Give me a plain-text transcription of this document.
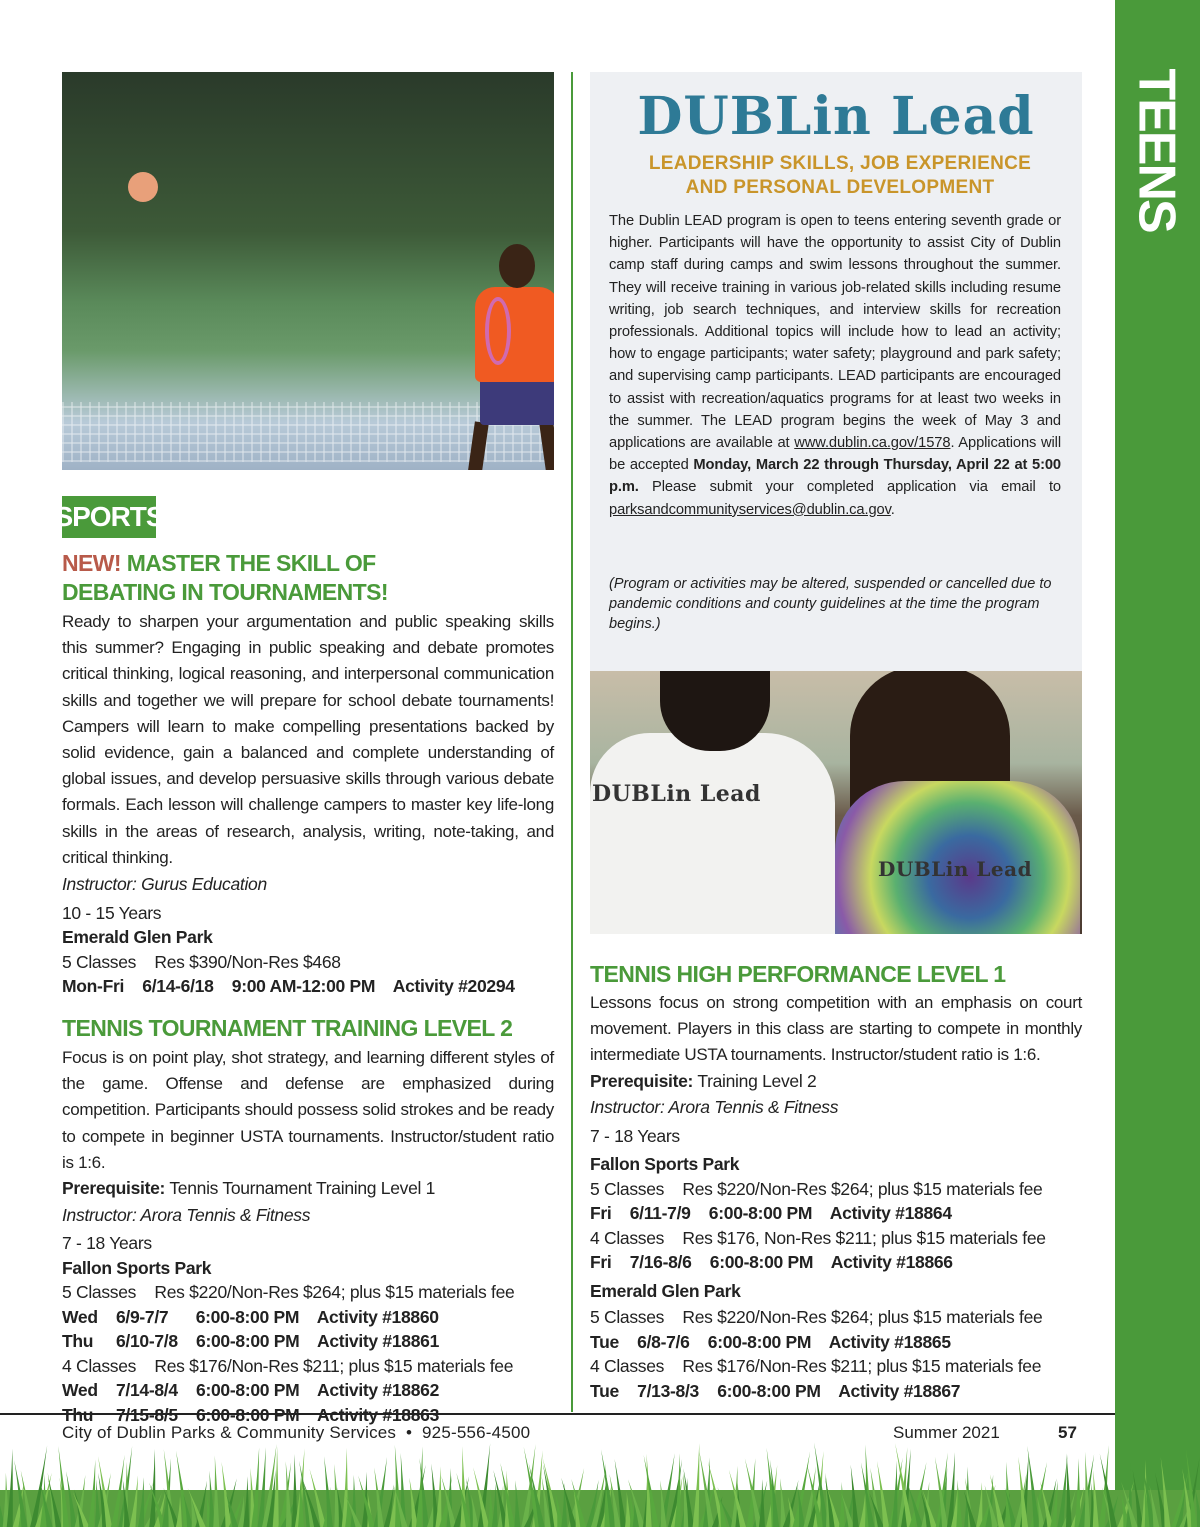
TEENS
SPORTS
NEW! MASTER THE SKILL OF DEBATING IN TOURNAMENTS!
Ready to sharpen your argumentation and public speaking skills this summer? Engaging in public speaking and debate promotes critical thinking, logical reasoning, and interpersonal communication skills and together we will prepare for school debate tournaments! Campers will learn to make compelling presentations backed by solid evidence, gain a balanced and complete understanding of global issues, and develop persuasive skills through various debate formals. Each lesson will challenge campers to master key life-long skills in the areas of research, analysis, writing, note-taking, and critical thinking.
Instructor: Gurus Education
10 - 15 Years
Emerald Glen Park
5 Classes    Res $390/Non-Res $468
Mon-Fri    6/14-6/18    9:00 AM-12:00 PM    Activity #20294
TENNIS TOURNAMENT TRAINING LEVEL 2
Focus is on point play, shot strategy, and learning different styles of the game. Offense and defense are emphasized during competition. Participants should possess solid strokes and be ready to compete in beginner USTA tournaments. Instructor/student ratio is 1:6.
Prerequisite: Tennis Tournament Training Level 1
Instructor: Arora Tennis & Fitness
7 - 18 Years
Fallon Sports Park
5 Classes    Res $220/Non-Res $264; plus $15 materials fee
Wed    6/9-7/7      6:00-8:00 PM    Activity #18860
Thu     6/10-7/8    6:00-8:00 PM    Activity #18861
4 Classes    Res $176/Non-Res $211; plus $15 materials fee
Wed    7/14-8/4    6:00-8:00 PM    Activity #18862
DUBLin Lead
LEADERSHIP SKILLS, JOB EXPERIENCE
AND PERSONAL DEVELOPMENT
The Dublin LEAD program is open to teens entering seventh grade or higher. Participants will have the opportunity to assist City of Dublin camp staff during camps and swim lessons throughout the summer. They will receive training in various job-related skills including resume writing, job search techniques, and interview skills for recreation professionals. Additional topics will include how to lead an activity; how to engage participants; water safety; playground and park safety; and supervising camp participants. LEAD participants are encouraged to assist with recreation/aquatics programs for at least two weeks in the summer. The LEAD program begins the week of May 3 and applications are available at www.dublin.ca.gov/1578. Applications will be accepted Monday, March 22 through Thursday, April 22 at 5:00 p.m. Please submit your completed application via email to parksandcommunityservices@dublin.ca.gov.
(Program or activities may be altered, suspended or cancelled due to pandemic conditions and county guidelines at the time the program begins.)
DUBLin Lead
DUBLin Lead
TENNIS HIGH PERFORMANCE LEVEL 1
Lessons focus on strong competition with an emphasis on court movement. Players in this class are starting to compete in monthly intermediate USTA tournaments. Instructor/student ratio is 1:6.
Prerequisite: Training Level 2
Instructor: Arora Tennis & Fitness
7 - 18 Years
Fallon Sports Park
5 Classes    Res $220/Non-Res $264; plus $15 materials fee
Fri    6/11-7/9    6:00-8:00 PM    Activity #18864
4 Classes    Res $176, Non-Res $211; plus $15 materials fee
Fri    7/16-8/6    6:00-8:00 PM    Activity #18866
Emerald Glen Park
5 Classes    Res $220/Non-Res $264; plus $15 materials fee
Tue    6/8-7/6    6:00-8:00 PM    Activity #18865
4 Classes    Res $176/Non-Res $211; plus $15 materials fee
Tue    7/13-8/3    6:00-8:00 PM    Activity #18867
City of Dublin Parks & Community Services • 925-556-4500	Summer 2021	57
